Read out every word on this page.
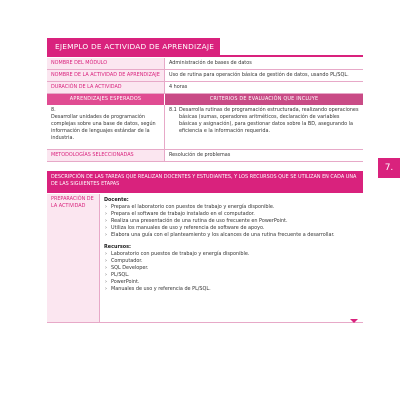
EJEMPLO DE ACTIVIDAD DE APRENDIZAJE
NOMBRE DEL MÓDULO	Administración de bases de datos
NOMBRE DE LA ACTIVIDAD DE APRENDIZAJE	Uso de rutina para operación básica de gestión de datos, usando PL/SQL.
DURACIÓN DE LA ACTIVIDAD	4 horas
APRENDIZAJES ESPERADOS	CRITERIOS DE EVALUACIÓN QUE INCLUYE
8.
Desarrollar unidades de programación complejas sobre una base de datos, según información de lenguajes estándar de la industria.
8.1 Desarrolla rutinas de programación estructurada, realizando operaciones básicas (sumas, operadores aritméticos, declaración de variables básicas y asignación), para gestionar datos sobre la BD, asegurando la eficiencia e la información requerida.
METODOLOGÍAS SELECCIONADAS	Resolución de problemas
7.
DESCRIPCIÓN DE LAS TAREAS QUE REALIZAN DOCENTES Y ESTUDIANTES, Y LOS RECURSOS QUE SE UTILIZAN EN CADA UNA DE LAS SIGUIENTES ETAPAS
PREPARACIÓN DE LA ACTIVIDAD
Docente:
› Prepara el laboratorio con puestos de trabajo y energía disponible.
› Prepara el software de trabajo instalado en el computador.
› Realiza una presentación de una rutina de uso frecuente en PowerPoint.
› Utiliza los manuales de uso y referencia de software de apoyo.
› Elabora una guía con el planteamiento y los alcances de una rutina frecuente a desarrollar.
Recursos:
› Laboratorio con puestos de trabajo y energía disponible.
› Computador.
› SQL Developer.
› PL/SQL.
› PowerPoint.
› Manuales de uso y referencia de PL/SQL.
